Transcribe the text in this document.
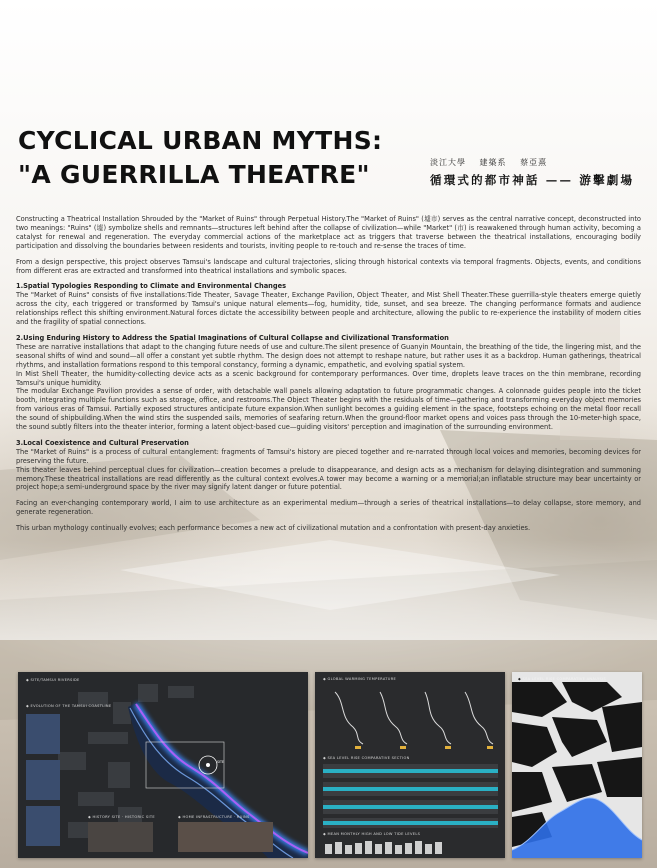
CYCLICAL URBAN MYTHS:
"A GUERRILLA THEATRE"	淡江大學 建築系 蔡亞熹
循環式的都市神話 —— 游擊劇場

Constructing a Theatrical Installation Shrouded by the "Market of Ruins" through Perpetual History.The "Market of Ruins" (墟市) serves as the central narrative concept, deconstructed into two meanings: "Ruins" (墟) symbolize shells and remnants—structures left behind after the collapse of civilization—while "Market" (市) is reawakened through human activity, becoming a catalyst for renewal and regeneration. The everyday commercial actions of the marketplace act as triggers that traverse between the theatrical installations, encouraging bodily participation and dissolving the boundaries between residents and tourists, inviting people to re-touch and re-sense the traces of time.

From a design perspective, this project observes Tamsui's landscape and cultural trajectories, slicing through historical contexts via temporal fragments. Objects, events, and conditions from different eras are extracted and transformed into theatrical installations and symbolic spaces.

1.Spatial Typologies Responding to Climate and Environmental Changes

The "Market of Ruins" consists of five installations:Tide Theater, Savage Theater, Exchange Pavilion, Object Theater, and Mist Shell Theater.These guerrilla-style theaters emerge quietly across the city, each triggered or transformed by Tamsui's unique natural elements—fog, humidity, tide, sunset, and sea breeze. The changing performance formats and audience relationships reflect this shifting environment.Natural forces dictate the accessibility between people and architecture, allowing the public to re-experience the instability of modern cities and the fragility of spatial connections.

2.Using Enduring History to Address the Spatial Imaginations of Cultural Collapse and Civilizational Transformation

These are narrative installations that adapt to the changing future needs of use and culture.The silent presence of Guanyin Mountain, the breathing of the tide, the lingering mist, and the seasonal shifts of wind and sound—all offer a constant yet subtle rhythm. The design does not attempt to reshape nature, but rather uses it as a backdrop. Human gatherings, theatrical rhythms, and installation formations respond to this temporal constancy, forming a dynamic, empathetic, and evolving spatial system.

In Mist Shell Theater, the humidity-collecting device acts as a scenic background for contemporary performances. Over time, droplets leave traces on the thin membrane, recording Tamsui's unique humidity.

The modular Exchange Pavilion provides a sense of order, with detachable wall panels allowing adaptation to future programmatic changes. A colonnade guides people into the ticket booth, integrating multiple functions such as storage, office, and restrooms.The Object Theater begins with the residuals of time—gathering and transforming everyday object memories from various eras of Tamsui. Partially exposed structures anticipate future expansion.When sunlight becomes a guiding element in the space, footsteps echoing on the metal floor recall the sound of shipbuilding.When the wind stirs the suspended sails, memories of seafaring return.When the ground-floor market opens and voices pass through the 10-meter-high space, the sound subtly filters into the theater interior, forming a latent object-based cue—guiding visitors' perception and imagination of the surrounding environment.

3.Local Coexistence and Cultural Preservation

The "Market of Ruins" is a process of cultural entanglement: fragments of Tamsui's history are pieced together and re-narrated through local voices and memories, becoming devices for preserving the future.

This theater leaves behind perceptual clues for civilization—creation becomes a prelude to disappearance, and design acts as a mechanism for delaying disintegration and summoning memory.These theatrical installations are read differently as the cultural context evolves.A tower may become a warning or a memorial;an inflatable structure may bear uncertainty or project hope;a semi-underground space by the river may signify latent danger or future potential.

Facing an ever-changing contemporary world, I aim to use architecture as an experimental medium—through a series of theatrical installations—to delay collapse, store memory, and generate regeneration.

This urban mythology continually evolves; each performance becomes a new act of civilizational mutation and a confrontation with present-day anxieties.

◆ SITE/TAMSUI RIVERSIDE
◆ EVOLUTION OF THE TAMSUI COASTLINE
SITE
◆ HISTORY SITE · HISTORIC SITE
◆	HOME INFRASTRUCTURE · RUINS
◆ GLOBAL WARMING TEMPERATURE
◆ SEA LEVEL RISE COMPARATIVE SECTION
◆ MEAN MONTHLY HIGH AND LOW TIDE LEVELS
◆ SEA LEVEL RISE COMPARATIVE ANALYSIS
